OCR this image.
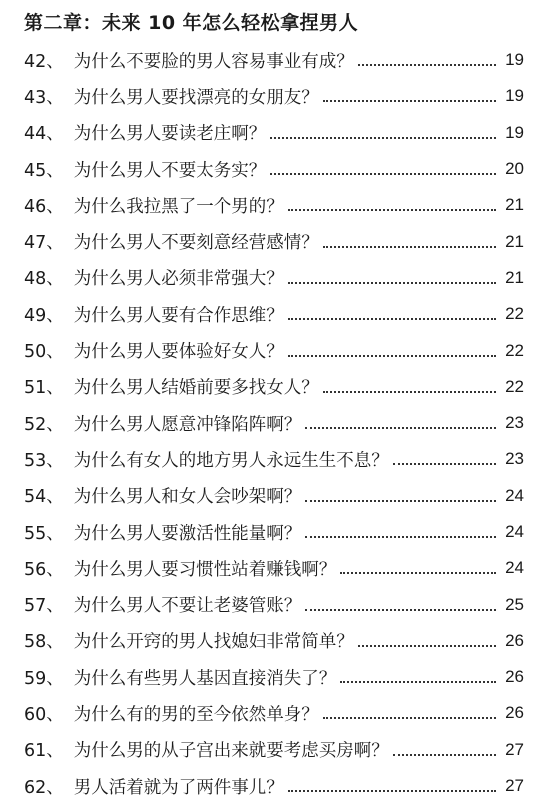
第二章：未来 10 年怎么轻松拿捏男人
42、 为什么不要脸的男人容易事业有成？	19
43、 为什么男人要找漂亮的女朋友？	19
44、 为什么男人要读老庄啊？	19
45、 为什么男人不要太务实？	20
46、 为什么我拉黑了一个男的？	21
47、 为什么男人不要刻意经营感情？	21
48、 为什么男人必须非常强大？	21
49、 为什么男人要有合作思维？	22
50、 为什么男人要体验好女人？	22
51、 为什么男人结婚前要多找女人？	22
52、 为什么男人愿意冲锋陷阵啊？	23
53、 为什么有女人的地方男人永远生生不息？	23
54、 为什么男人和女人会吵架啊？	24
55、 为什么男人要激活性能量啊？	24
56、 为什么男人要习惯性站着赚钱啊？	24
57、 为什么男人不要让老婆管账？	25
58、 为什么开窍的男人找媳妇非常简单？	26
59、 为什么有些男人基因直接消失了？	26
60、 为什么有的男的至今依然单身？	26
61、 为什么男的从子宫出来就要考虑买房啊？	27
62、 男人活着就为了两件事儿？	27
